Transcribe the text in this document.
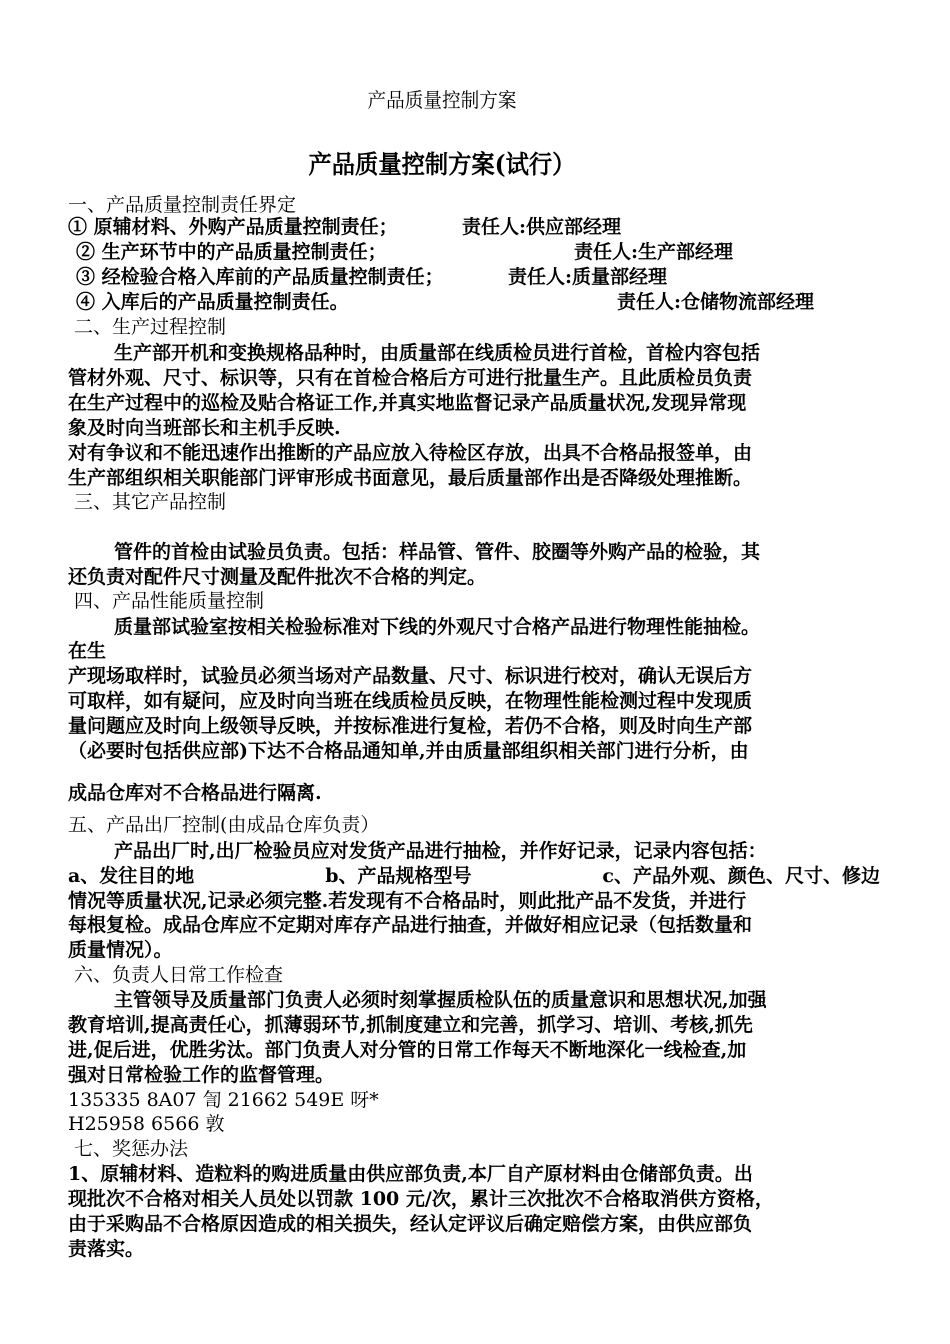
产品质量控制方案
产品质量控制方案(试行）
一、产品质量控制责任界定
① 原辅材料、外购产品质量控制责任；	责任人:供应部经理
② 生产环节中的产品质量控制责任；	责任人:生产部经理
③ 经检验合格入库前的产品质量控制责任；	责任人:质量部经理
④ 入库后的产品质量控制责任。	责任人:仓储物流部经理
二、生产过程控制
生产部开机和变换规格品种时，由质量部在线质检员进行首检，首检内容包括
管材外观、尺寸、标识等，只有在首检合格后方可进行批量生产。且此质检员负责
在生产过程中的巡检及贴合格证工作,并真实地监督记录产品质量状况,发现异常现
象及时向当班部长和主机手反映.
对有争议和不能迅速作出推断的产品应放入待检区存放，出具不合格品报签单，由
生产部组织相关职能部门评审形成书面意见，最后质量部作出是否降级处理推断。
三、其它产品控制
管件的首检由试验员负责。包括：样品管、管件、胶圈等外购产品的检验，其
还负责对配件尺寸测量及配件批次不合格的判定。
四、产品性能质量控制
质量部试验室按相关检验标准对下线的外观尺寸合格产品进行物理性能抽检。
在生
产现场取样时，试验员必须当场对产品数量、尺寸、标识进行校对，确认无误后方
可取样，如有疑问，应及时向当班在线质检员反映，在物理性能检测过程中发现质
量问题应及时向上级领导反映，并按标准进行复检，若仍不合格，则及时向生产部
（必要时包括供应部)下达不合格品通知单,并由质量部组织相关部门进行分析，由
成品仓库对不合格品进行隔离.
五、产品出厂控制(由成品仓库负责）
产品出厂时,出厂检验员应对发货产品进行抽检，并作好记录，记录内容包括：
a、发往目的地	b、产品规格型号	c、产品外观、颜色、尺寸、修边
情况等质量状况,记录必须完整.若发现有不合格品时，则此批产品不发货，并进行
每根复检。成品仓库应不定期对库存产品进行抽查，并做好相应记录（包括数量和
质量情况）。
六、负责人日常工作检查
主管领导及质量部门负责人必须时刻掌握质检队伍的质量意识和思想状况,加强
教育培训,提高责任心，抓薄弱环节,抓制度建立和完善，抓学习、培训、考核,抓先
进,促后进，优胜劣汰。部门负责人对分管的日常工作每天不断地深化一线检查,加
强对日常检验工作的监督管理。
135335 8A07 訇 21662 549E 呀*
H25958 6566 敦
七、奖惩办法
1、原辅材料、造粒料的购进质量由供应部负责,本厂自产原材料由仓储部负责。出
现批次不合格对相关人员处以罚款 100 元/次，累计三次批次不合格取消供方资格，
由于采购品不合格原因造成的相关损失，经认定评议后确定赔偿方案，由供应部负
责落实。
